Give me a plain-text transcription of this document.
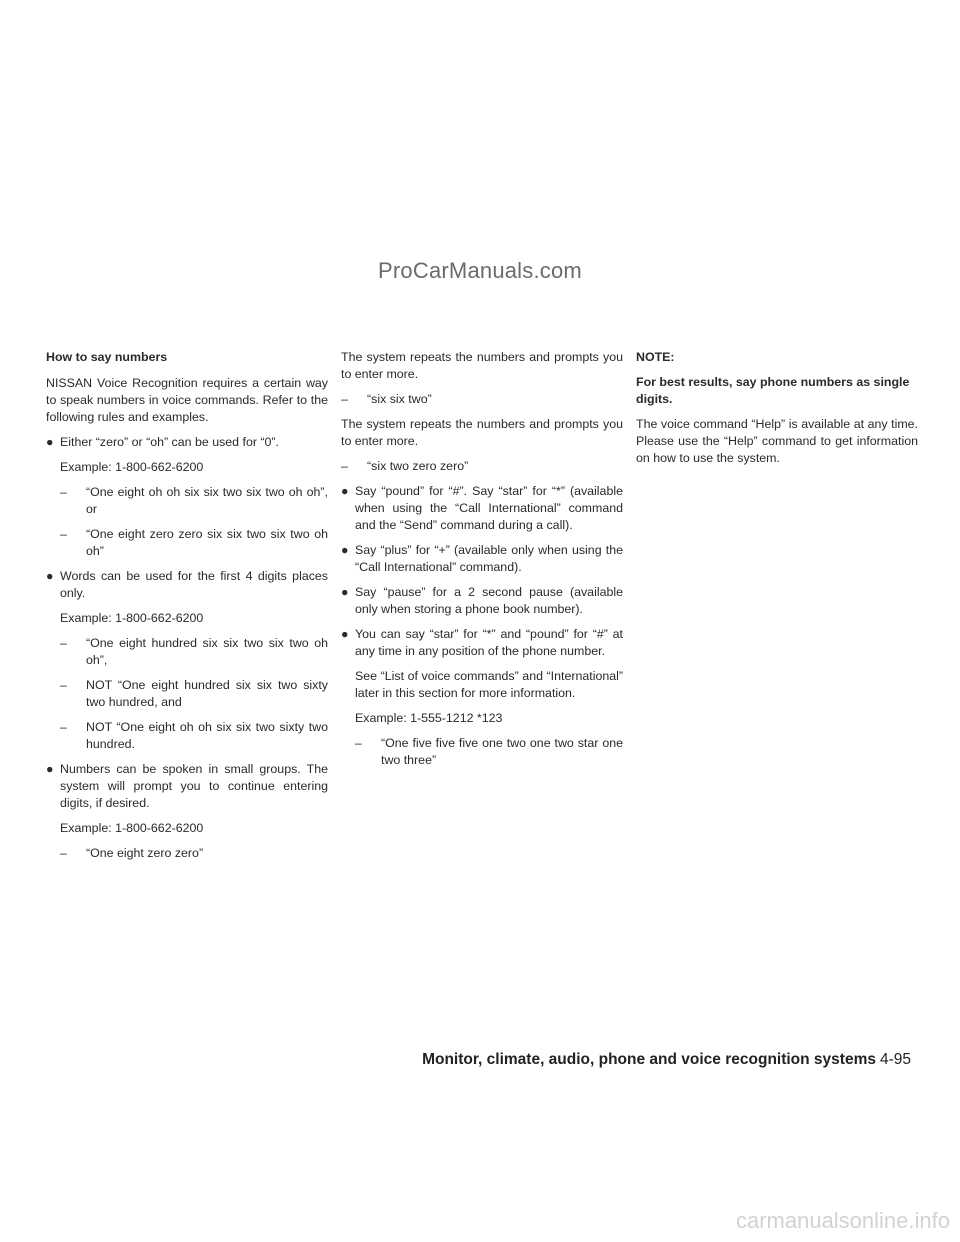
ProCarManuals.com
How to say numbers

NISSAN Voice Recognition requires a certain way to speak numbers in voice commands. Refer to the following rules and examples.

● Either “zero” or “oh” can be used for “0”.
Example: 1-800-662-6200
– “One eight oh oh six six two six two oh oh”, or
– “One eight zero zero six six two six two oh oh”
● Words can be used for the first 4 digits places only.
Example: 1-800-662-6200
– “One eight hundred six six two six two oh oh”,
– NOT “One eight hundred six six two sixty two hundred, and
– NOT “One eight oh oh six six two sixty two hundred.
● Numbers can be spoken in small groups. The system will prompt you to continue entering digits, if desired.
Example: 1-800-662-6200
– “One eight zero zero”

The system repeats the numbers and prompts you to enter more.

– “six six two”

The system repeats the numbers and prompts you to enter more.

– “six two zero zero”
● Say “pound” for “#”. Say “star” for “*” (available when using the “Call International” command and the “Send” command during a call).
● Say “plus” for “+” (available only when using the “Call International” command).
● Say “pause” for a 2 second pause (available only when storing a phone book number).
● You can say “star” for “*” and “pound” for “#” at any time in any position of the phone number.
See “List of voice commands” and “International” later in this section for more information.
Example: 1-555-1212 *123
– “One five five five one two one two star one two three”

NOTE:

For best results, say phone numbers as single digits.

The voice command “Help” is available at any time. Please use the “Help” command to get information on how to use the system.

Monitor, climate, audio, phone and voice recognition systems 4-95
carmanualsonline.info
